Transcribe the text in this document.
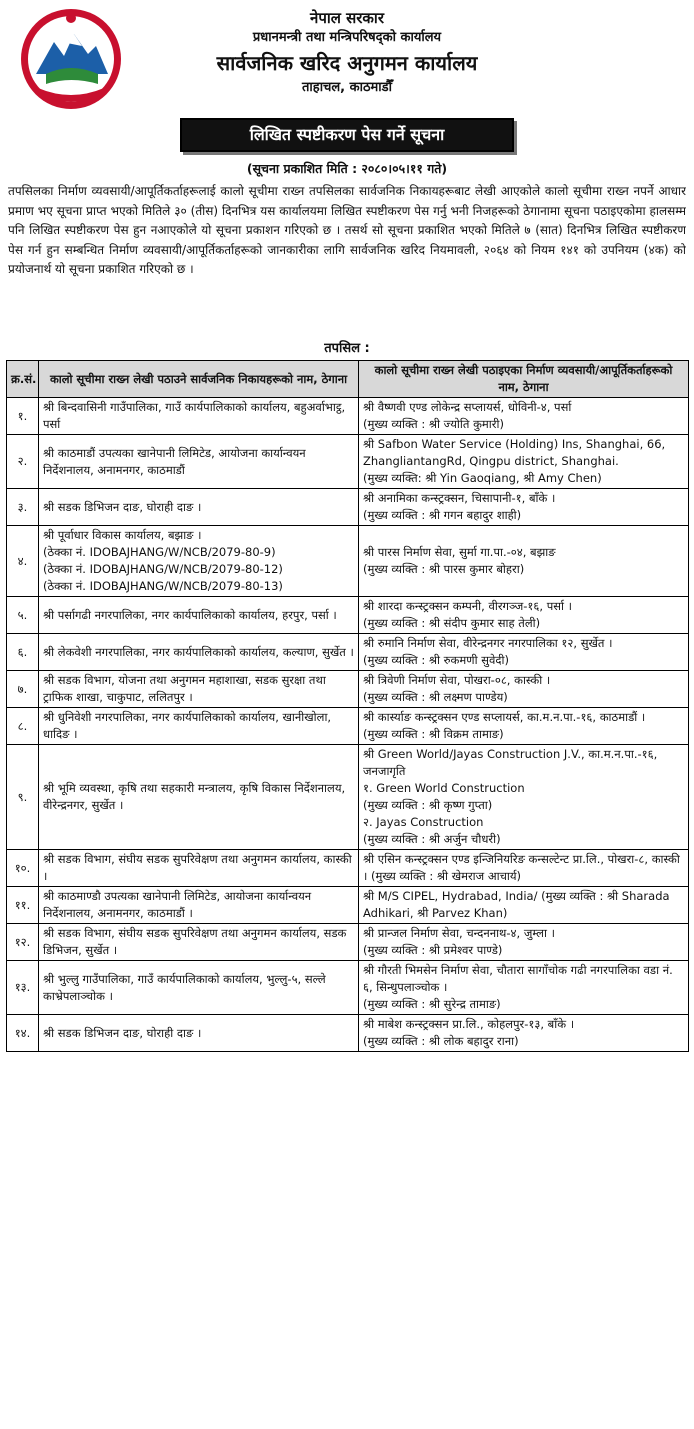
नेपाल सरकार
प्रधानमन्त्री तथा मन्त्रिपरिषद्‌को कार्यालय
सार्वजनिक खरिद अनुगमन कार्यालय
ताहाचल, काठमाडौँ
लिखित स्पष्टीकरण पेस गर्ने सूचना
(सूचना प्रकाशित मिति : २०८०।०५।११ गते)
तपसिलका निर्माण व्यवसायी/आपूर्तिकर्ताहरूलाई कालो सूचीमा राख्न तपसिलका सार्वजनिक निकायहरूबाट लेखी आएकोले कालो सूचीमा राख्न नपर्ने आधार प्रमाण भए सूचना प्राप्त भएको मितिले ३० (तीस) दिनभित्र यस कार्यालयमा लिखित स्पष्टीकरण पेस गर्नु भनी निजहरूको ठेगानामा सूचना पठाइएकोमा हालसम्म पनि लिखित स्पष्टीकरण पेस हुन नआएकोले यो सूचना प्रकाशन गरिएको छ । तसर्थ सो सूचना प्रकाशित भएको मितिले ७ (सात) दिनभित्र लिखित स्पष्टीकरण पेस गर्न हुन सम्बन्धित निर्माण व्यवसायी/आपूर्तिकर्ताहरूको जानकारीका लागि सार्वजनिक खरिद नियमावली, २०६४ को नियम १४१ को उपनियम (४क) को प्रयोजनार्थ यो सूचना प्रकाशित गरिएको छ ।
तपसिल :
क्र.सं.	कालो सूचीमा राख्न लेखी पठाउने सार्वजनिक निकायहरूको नाम, ठेगाना	कालो सूचीमा राख्न लेखी पठाइएका निर्माण व्यवसायी/आपूर्तिकर्ताहरूको नाम, ठेगाना
१.	श्री बिन्दवासिनी गाउँपालिका, गाउँ कार्यपालिकाको कार्यालय, बहुअर्वाभाट्ठ, पर्सा	श्री वैष्णवी एण्ड लोकेन्द्र सप्लायर्स, धोविनी-४, पर्सा
(मुख्य व्यक्ति : श्री ज्योति कुमारी)

२.	श्री काठमाडौं उपत्यका खानेपानी लिमिटेड, आयोजना कार्यान्वयन निर्देशनालय, अनामनगर, काठमाडौं	श्री Safbon Water Service (Holding) Ins, Shanghai, 66, ZhangliantangRd, Qingpu district, Shanghai.
(मुख्य व्यक्ति: श्री Yin Gaoqiang, श्री Amy Chen)

३.	श्री सडक डिभिजन दाङ, घोराही दाङ ।	श्री अनामिका कन्स्ट्रक्सन, चिसापानी-१, बाँके ।
(मुख्य व्यक्ति : श्री गगन बहादुर शाही)

४.	श्री पूर्वाधार विकास कार्यालय, बझाङ ।
(ठेक्का नं. IDOBAJHANG/W/NCB/2079-80-9)
(ठेक्का नं. IDOBAJHANG/W/NCB/2079-80-12)
(ठेक्का नं. IDOBAJHANG/W/NCB/2079-80-13)	श्री पारस निर्माण सेवा, सुर्मा गा.पा.-०४, बझाङ
(मुख्य व्यक्ति : श्री पारस कुमार बोहरा)

५.	श्री पर्सागढी नगरपालिका, नगर कार्यपालिकाको कार्यालय, हरपुर, पर्सा ।	श्री शारदा कन्स्ट्रक्सन कम्पनी, वीरगञ्ज-१६, पर्सा ।
(मुख्य व्यक्ति : श्री संदीप कुमार साह तेली)

६.	श्री लेकवेशी नगरपालिका, नगर कार्यपालिकाको कार्यालय, कल्याण, सुर्खेत ।	श्री रुमानि निर्माण सेवा, वीरेन्द्रनगर नगरपालिका १२, सुर्खेत ।
(मुख्य व्यक्ति : श्री रुकमणी सुवेदी)

७.	श्री सडक विभाग, योजना तथा अनुगमन महाशाखा, सडक सुरक्षा तथा ट्राफिक शाखा, चाकुपाट, ललितपुर ।	श्री त्रिवेणी निर्माण सेवा, पोखरा-०८, कास्की ।
(मुख्य व्यक्ति : श्री लक्ष्मण पाण्डेय)

८.	श्री धुनिवेशी नगरपालिका, नगर कार्यपालिकाको कार्यालय, खानीखोला, धादिङ ।	श्री कार्स्याङ कन्स्ट्रक्सन एण्ड सप्लायर्स, का.म.न.पा.-१६, काठमाडौं ।
(मुख्य व्यक्ति : श्री विक्रम तामाङ)

९.	श्री भूमि व्यवस्था, कृषि तथा सहकारी मन्त्रालय, कृषि विकास निर्देशनालय, वीरेन्द्रनगर, सुर्खेत ।	श्री Green World/Jayas Construction J.V., का.म.न.पा.-१६, जनजागृति
१. Green World Construction
(मुख्य व्यक्ति : श्री कृष्ण गुप्ता)
२. Jayas Construction
(मुख्य व्यक्ति : श्री अर्जुन चौधरी)

१०.	श्री सडक विभाग, संघीय सडक सुपरिवेक्षण तथा अनुगमन कार्यालय, कास्की ।	श्री एसिन कन्स्ट्रक्सन एण्ड इन्जिनियरिङ कन्सल्टेन्ट प्रा.लि., पोखरा-८, कास्की । (मुख्य व्यक्ति : श्री खेमराज आचार्य)

११.	श्री काठमाण्डौ उपत्यका खानेपानी लिमिटेड, आयोजना कार्यान्वयन निर्देशनालय, अनामनगर, काठमाडौं ।	श्री M/S CIPEL, Hydrabad, India/ (मुख्य व्यक्ति : श्री Sharada Adhikari, श्री Parvez Khan)

१२.	श्री सडक विभाग, संघीय सडक सुपरिवेक्षण तथा अनुगमन कार्यालय, सडक डिभिजन, सुर्खेत ।	श्री प्रान्जल निर्माण सेवा, चन्दननाथ-४, जुम्ला ।
(मुख्य व्यक्ति : श्री प्रमेश्वर पाण्डे)

१३.	श्री भुल्लु गाउँपालिका, गाउँ कार्यपालिकाको कार्यालय, भुल्लु-५, सल्ले काभ्रेपलाञ्चोक ।	श्री गौरती भिमसेन निर्माण सेवा, चौतारा सागाँचोक गढी नगरपालिका वडा नं. ६, सिन्धुपलाञ्चोक ।
(मुख्य व्यक्ति : श्री सुरेन्द्र तामाङ)

१४.	श्री सडक डिभिजन दाङ, घोराही दाङ ।	श्री माबेश कन्स्ट्रक्सन प्रा.लि., कोहलपुर-१३, बाँके ।
(मुख्य व्यक्ति : श्री लोक बहादुर राना)
